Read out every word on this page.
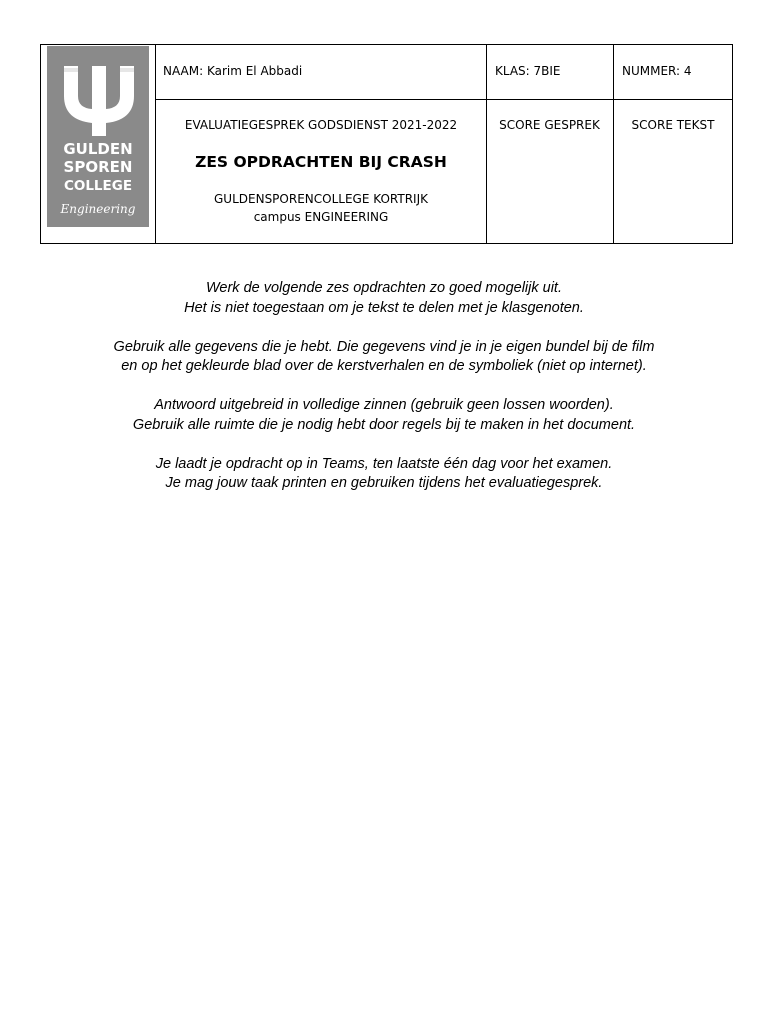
GULDEN
SPOREN
COLLEGE
Engineering
NAAM: Karim El Abbadi	KLAS: 7BIE	NUMMER: 4
EVALUATIEGESPREK GODSDIENST 2021-2022
ZES OPDRACHTEN BIJ CRASH
GULDENSPORENCOLLEGE KORTRIJK
campus ENGINEERING
SCORE GESPREK	SCORE TEKST

Werk de volgende zes opdrachten zo goed mogelijk uit.

Het is niet toegestaan om je tekst te delen met je klasgenoten.

Gebruik alle gegevens die je hebt. Die gegevens vind je in je eigen bundel bij de film

en op het gekleurde blad over de kerstverhalen en de symboliek (niet op internet).

Antwoord uitgebreid in volledige zinnen (gebruik geen lossen woorden).

Gebruik alle ruimte die je nodig hebt door regels bij te maken in het document.

Je laadt je opdracht op in Teams, ten laatste één dag voor het examen.

Je mag jouw taak printen en gebruiken tijdens het evaluatiegesprek.
